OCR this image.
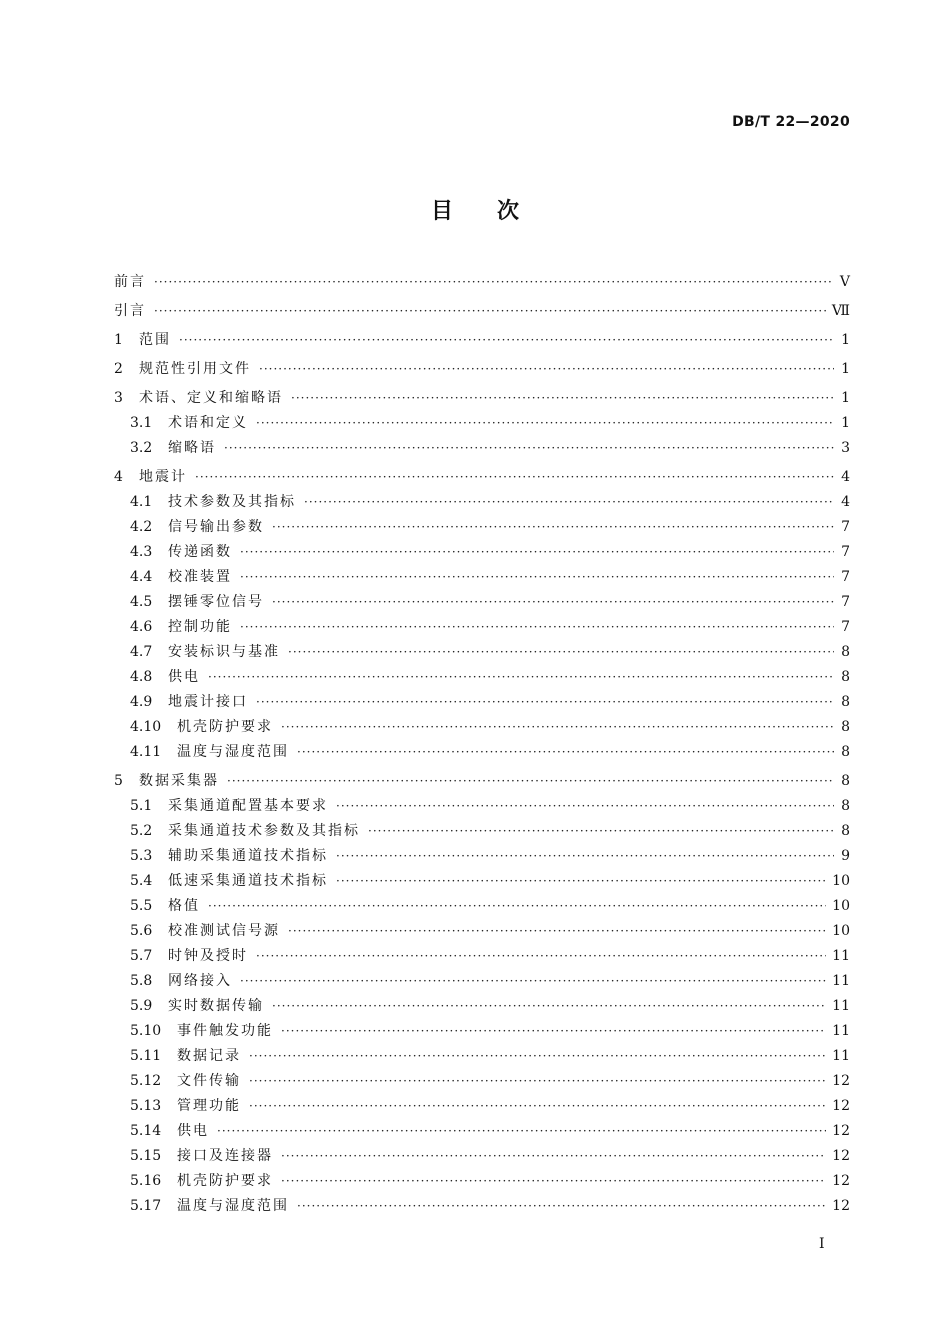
DB/T 22—2020
目次
前言 ·····	Ⅴ
引言 ·····	Ⅶ
1	范围 ·····	1
2	规范性引用文件 ·····	1
3	术语、定义和缩略语 ·····	1
3.1	术语和定义 ·····	1
3.2	缩略语 ·····	3
4	地震计 ·····	4
4.1	技术参数及其指标 ·····	4
4.2	信号输出参数 ·····	7
4.3	传递函数 ·····	7
4.4	校准装置 ·····	7
4.5	摆锤零位信号 ·····	7
4.6	控制功能 ·····	7
4.7	安装标识与基准 ·····	8
4.8	供电 ·····	8
4.9	地震计接口 ·····	8
4.10	机壳防护要求 ·····	8
4.11	温度与湿度范围 ·····	8
5	数据采集器 ·····	8
5.1	采集通道配置基本要求 ·····	8
5.2	采集通道技术参数及其指标 ·····	8
5.3	辅助采集通道技术指标 ·····	9
5.4	低速采集通道技术指标 ·····	10
5.5	格值 ·····	10
5.6	校准测试信号源 ·····	10
5.7	时钟及授时 ·····	11
5.8	网络接入 ·····	11
5.9	实时数据传输 ·····	11
5.10	事件触发功能 ·····	11
5.11	数据记录 ·····	11
5.12	文件传输 ·····	12
5.13	管理功能 ·····	12
5.14	供电 ·····	12
5.15	接口及连接器 ·····	12
5.16	机壳防护要求 ·····	12
5.17	温度与湿度范围 ·····	12
Ⅰ
